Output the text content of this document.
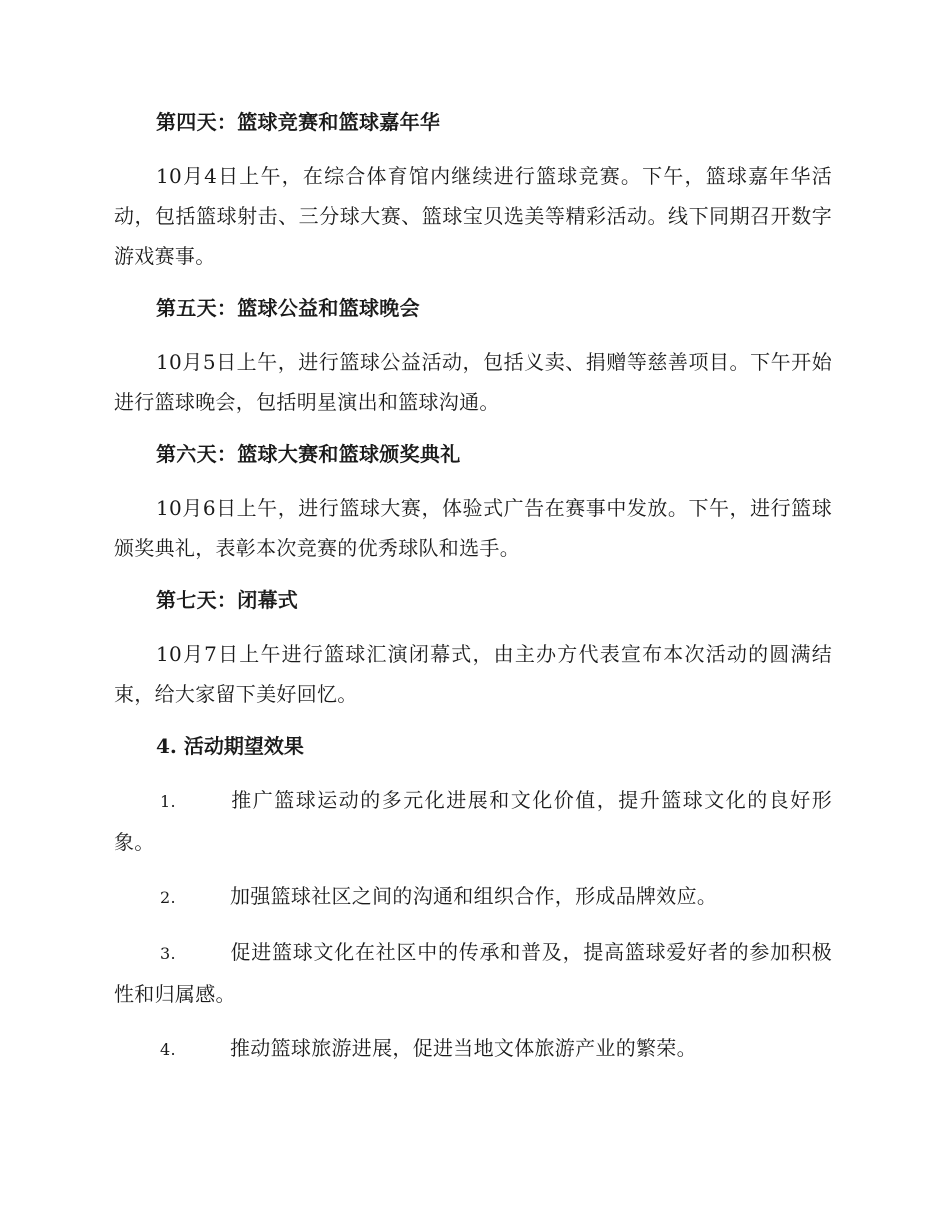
第四天：篮球竞赛和篮球嘉年华

10月4日上午，在综合体育馆内继续进行篮球竞赛。下午，篮球嘉年华活动，包括篮球射击、三分球大赛、篮球宝贝选美等精彩活动。线下同期召开数字游戏赛事。

第五天：篮球公益和篮球晚会

10月5日上午，进行篮球公益活动，包括义卖、捐赠等慈善项目。下午开始进行篮球晚会，包括明星演出和篮球沟通。

第六天：篮球大赛和篮球颁奖典礼

10月6日上午，进行篮球大赛，体验式广告在赛事中发放。下午，进行篮球颁奖典礼，表彰本次竞赛的优秀球队和选手。

第七天：闭幕式

10月7日上午进行篮球汇演闭幕式，由主办方代表宣布本次活动的圆满结束，给大家留下美好回忆。

4. 活动期望效果

1.	推广篮球运动的多元化进展和文化价值，提升篮球文化的良好形象。

2.	加强篮球社区之间的沟通和组织合作，形成品牌效应。

3.	促进篮球文化在社区中的传承和普及，提高篮球爱好者的参加积极性和归属感。

4.	推动篮球旅游进展，促进当地文体旅游产业的繁荣。
